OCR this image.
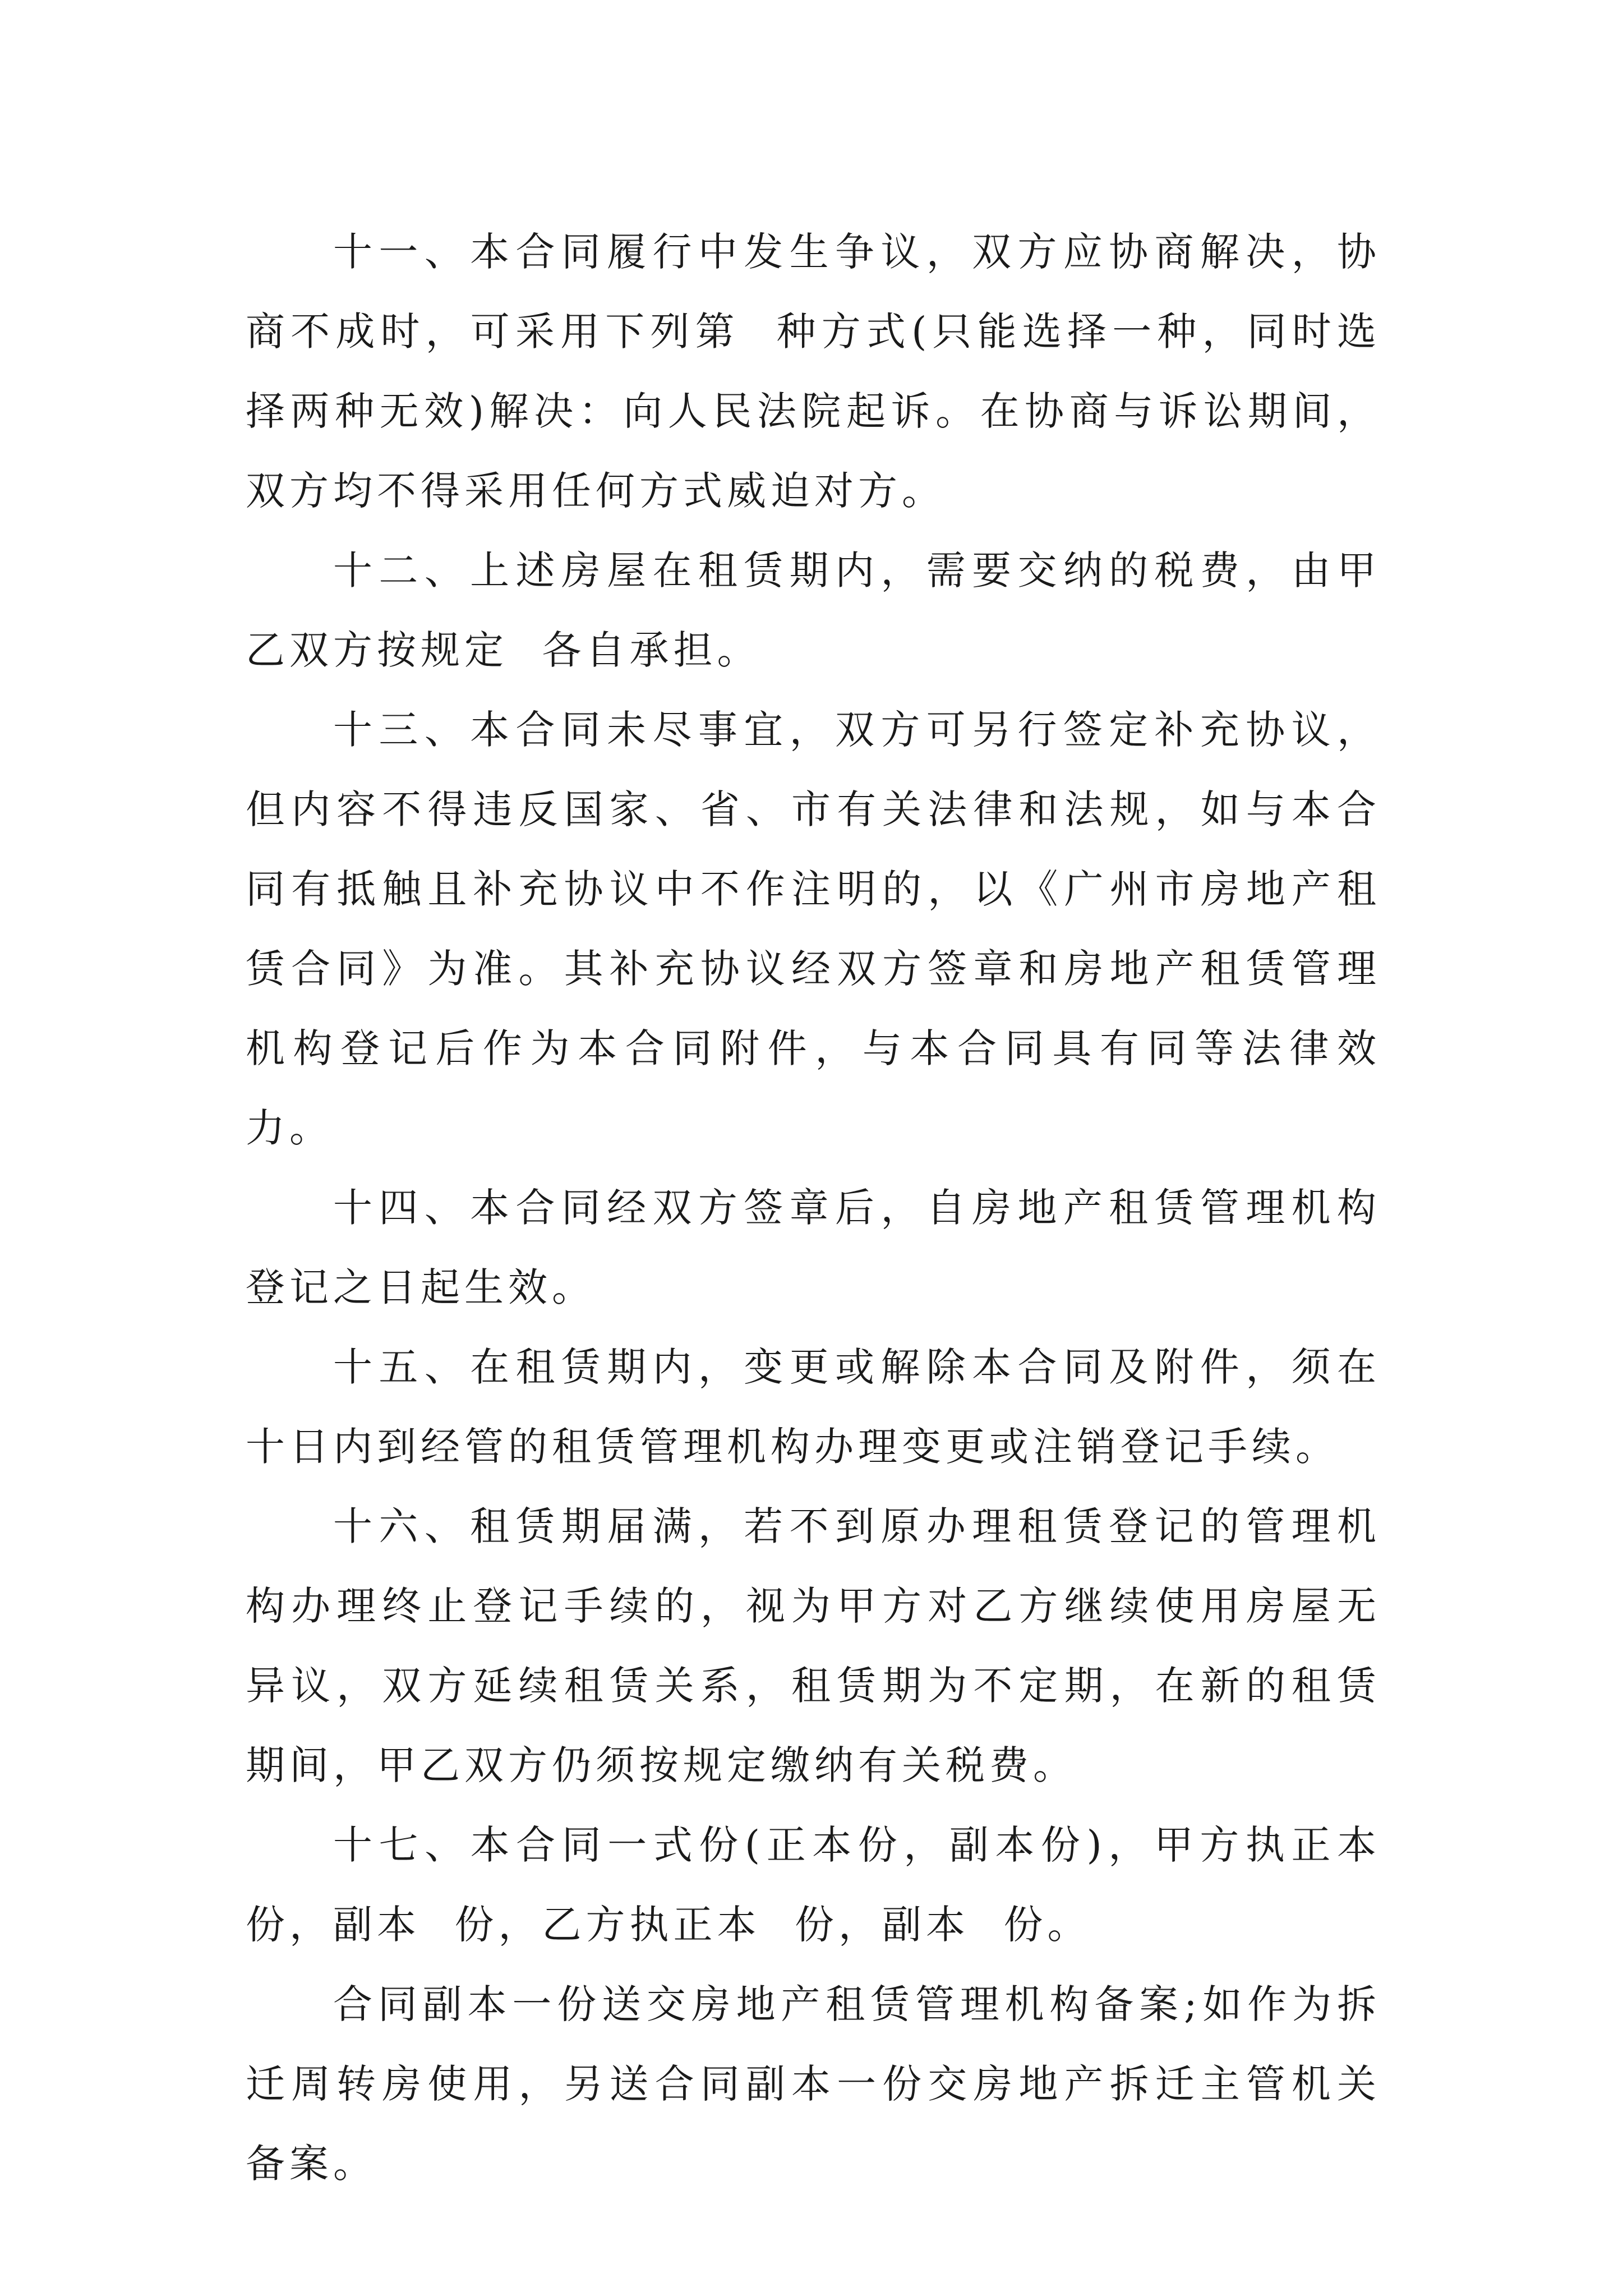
十一、本合同履行中发生争议，双方应协商解决，协商不成时，可采用下列第  种方式(只能选择一种，同时选择两种无效)解决：向人民法院起诉。在协商与诉讼期间，双方均不得采用任何方式威迫对方。

十二、上述房屋在租赁期内，需要交纳的税费，由甲乙双方按规定  各自承担。

十三、本合同未尽事宜，双方可另行签定补充协议，但内容不得违反国家、省、市有关法律和法规，如与本合同有抵触且补充协议中不作注明的，以《广州市房地产租赁合同》为准。其补充协议经双方签章和房地产租赁管理机构登记后作为本合同附件，与本合同具有同等法律效力。

十四、本合同经双方签章后，自房地产租赁管理机构登记之日起生效。

十五、在租赁期内，变更或解除本合同及附件，须在十日内到经管的租赁管理机构办理变更或注销登记手续。

十六、租赁期届满，若不到原办理租赁登记的管理机构办理终止登记手续的，视为甲方对乙方继续使用房屋无异议，双方延续租赁关系，租赁期为不定期，在新的租赁期间，甲乙双方仍须按规定缴纳有关税费。

十七、本合同一式份(正本份，副本份)，甲方执正本份，副本  份，乙方执正本  份，副本  份。

合同副本一份送交房地产租赁管理机构备案;如作为拆迁周转房使用，另送合同副本一份交房地产拆迁主管机关备案。
